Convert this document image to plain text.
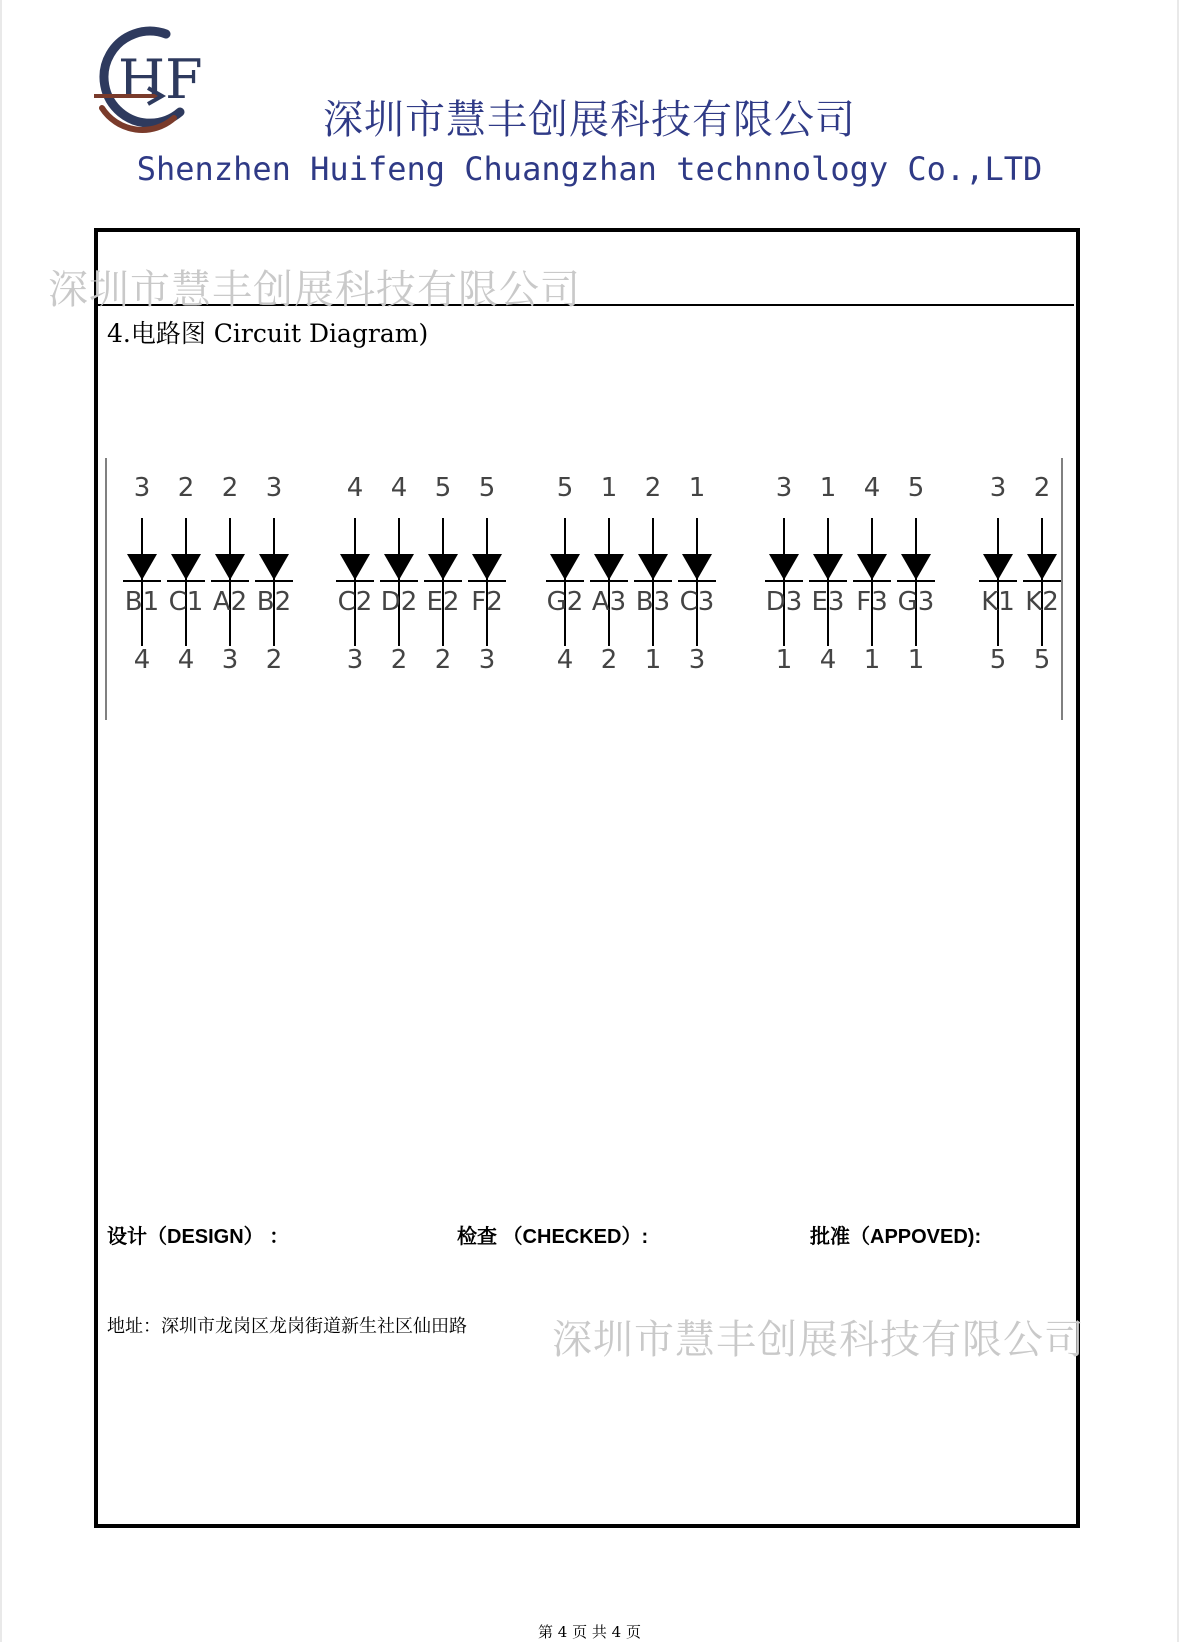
HF
深圳市慧丰创展科技有限公司
Shenzhen Huifeng Chuangzhan technnology Co.,LTD
深圳市慧丰创展科技有限公司
4.电路图 Circuit Diagram)
3
B1
4
2
C1
4
2
A2
3
3
B2
2
4
C2
3
4
D2
2
5
E2
2
5
F2
3
5
G2
4
1
A3
2
2
B3
1
1
C3
3
3
D3
1
1
E3
4
4
F3
1
5
G3
1
3
K1
5
2
K2
5
设计（DESIGN） ：	检查 （CHECKED）:	批准（APPOVED):
地址：深圳市龙岗区龙岗街道新生社区仙田路 深圳市慧丰创展科技有限公司
第 4 页 共 4 页
